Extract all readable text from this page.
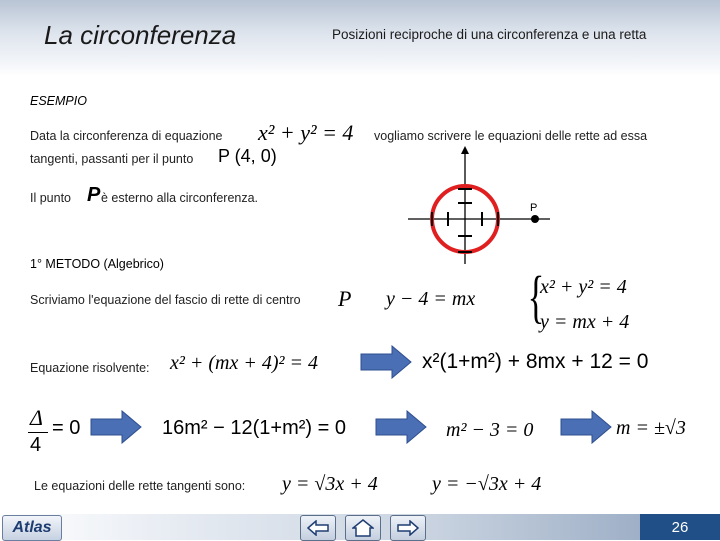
La circonferenza	Posizioni reciproche di una circonferenza e una retta
ESEMPIO
Data la circonferenza di equazione x² + y² = 4 vogliamo scrivere le equazioni delle rette ad essa
tangenti, passanti per il punto P (4, 0)
Il punto P è esterno alla circonferenza.
P
1° METODO (Algebrico)
Scriviamo l'equazione del fascio di rette di centro P y − 4 = mx {
x² + y² = 4
y = mx + 4
Equazione risolvente: x² + (mx + 4)² = 4	x²(1+m²) + 8mx + 12 = 0
Δ
4
= 0	16m² − 12(1+m²) = 0	m² − 3 = 0	m = ±√3
Le equazioni delle rette tangenti sono: y = √3x + 4	y = −√3x + 4
Atlas	26
